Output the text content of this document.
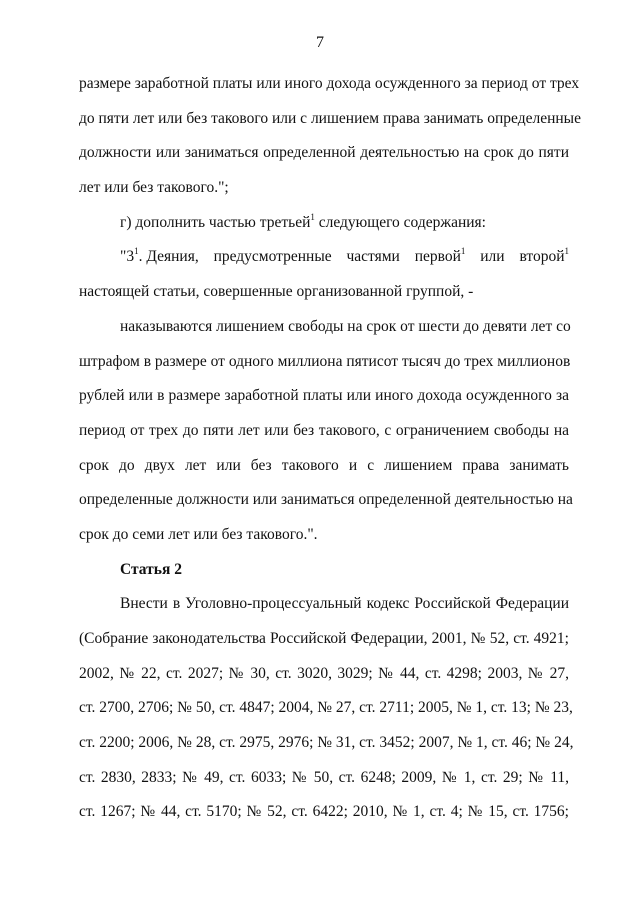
7
размере заработной платы или иного дохода осужденного за период от трех
до пяти лет или без такового или с лишением права занимать определенные
должности или заниматься определенной деятельностью на срок до пяти
лет или без такового.";
г) дополнить частью третьей$^1$ следующего содержания:
"$3^1$. Деяния, предусмотренные частями первой$^1$ или второй$^1$
настоящей статьи, совершенные организованной группой, -
наказываются лишением свободы на срок от шести до девяти лет со
штрафом в размере от одного миллиона пятисот тысяч до трех миллионов
рублей или в размере заработной платы или иного дохода осужденного за
период от трех до пяти лет или без такового, с ограничением свободы на
срок до двух лет или без такового и с лишением права занимать
определенные должности или заниматься определенной деятельностью на
срок до семи лет или без такового.".
Статья 2
Внести в Уголовно-процессуальный кодекс Российской Федерации
(Собрание законодательства Российской Федерации, 2001, № 52, ст. 4921;
2002, № 22, ст. 2027; № 30, ст. 3020, 3029; № 44, ст. 4298; 2003, № 27,
ст. 2700, 2706; № 50, ст. 4847; 2004, № 27, ст. 2711; 2005, № 1, ст. 13; № 23,
ст. 2200; 2006, № 28, ст. 2975, 2976; № 31, ст. 3452; 2007, № 1, ст. 46; № 24,
ст. 2830, 2833; № 49, ст. 6033; № 50, ст. 6248; 2009, № 1, ст. 29; № 11,
ст. 1267; № 44, ст. 5170; № 52, ст. 6422; 2010, № 1, ст. 4; № 15, ст. 1756;
